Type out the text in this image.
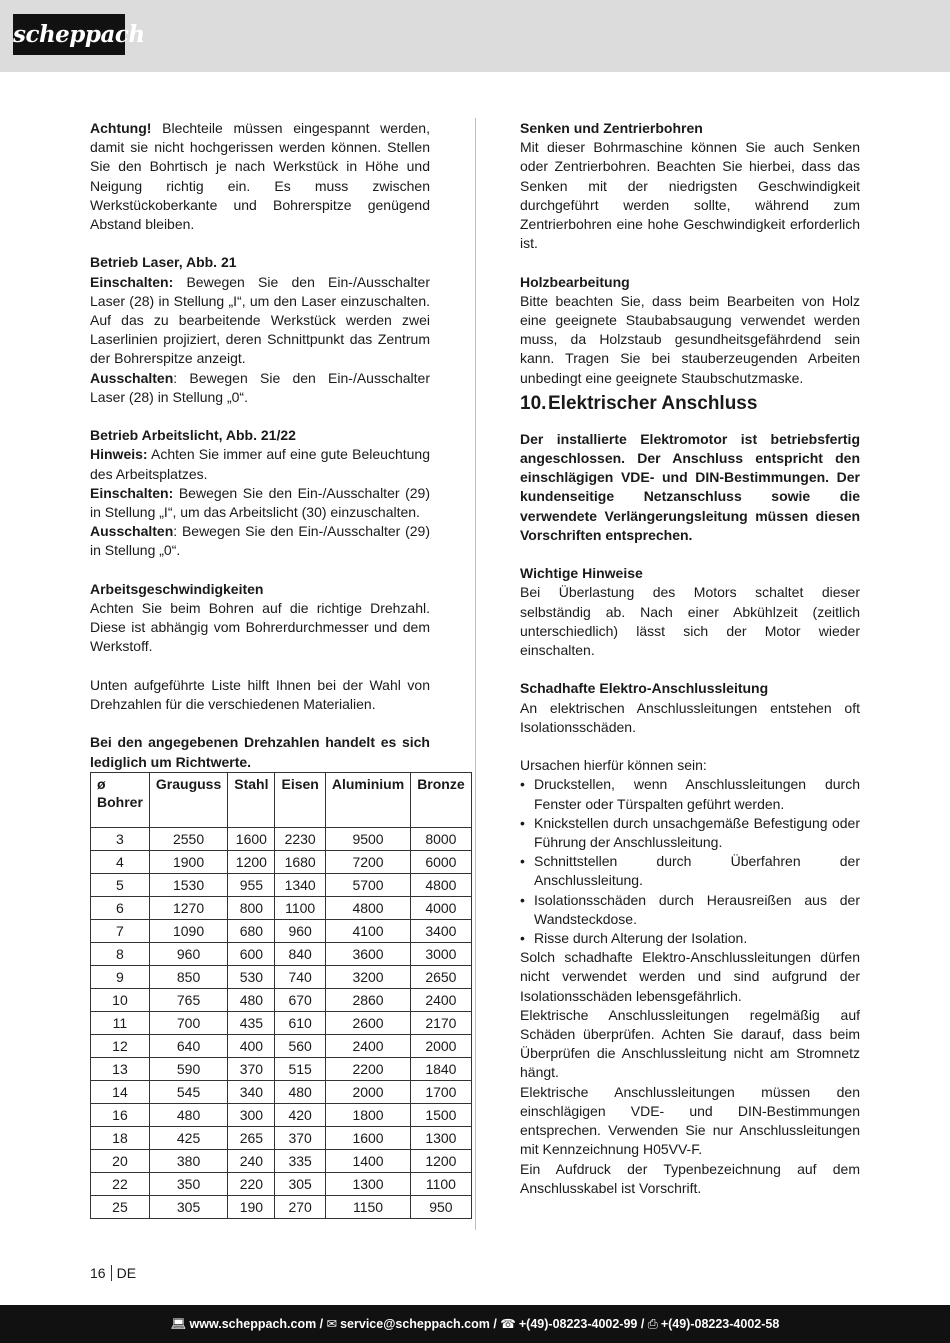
scheppach

Achtung! Blechteile müssen eingespannt werden, damit sie nicht hochgerissen werden können. Stellen Sie den Bohrtisch je nach Werkstück in Höhe und Neigung richtig ein. Es muss zwischen Werkstückoberkante und Bohrerspitze genügend Abstand bleiben.

Betrieb Laser, Abb. 21

Einschalten: Bewegen Sie den Ein-/Ausschalter Laser (28) in Stellung „I“, um den Laser einzuschalten. Auf das zu bearbeitende Werkstück werden zwei Laserlinien projiziert, deren Schnittpunkt das Zentrum der Bohrerspitze anzeigt.

Ausschalten: Bewegen Sie den Ein-/Ausschalter Laser (28) in Stellung „0“.

Betrieb Arbeitslicht, Abb. 21/22

Hinweis: Achten Sie immer auf eine gute Beleuchtung des Arbeitsplatzes.

Einschalten: Bewegen Sie den Ein-/Ausschalter (29) in Stellung „I“, um das Arbeitslicht (30) einzuschalten.

Ausschalten: Bewegen Sie den Ein-/Ausschalter (29) in Stellung „0“.

Arbeitsgeschwindigkeiten

Achten Sie beim Bohren auf die richtige Drehzahl. Diese ist abhängig vom Bohrerdurchmesser und dem Werkstoff.

Unten aufgeführte Liste hilft Ihnen bei der Wahl von Drehzahlen für die verschiedenen Materialien.

Bei den angegebenen Drehzahlen handelt es sich lediglich um Richtwerte.

ø Bohrer	Grauguss	Stahl	Eisen	Aluminium	Bronze
3	2550	1600	2230	9500	8000
4	1900	1200	1680	7200	6000
5	1530	955	1340	5700	4800
6	1270	800	1100	4800	4000
7	1090	680	960	4100	3400
8	960	600	840	3600	3000
9	850	530	740	3200	2650
10	765	480	670	2860	2400
11	700	435	610	2600	2170
12	640	400	560	2400	2000
13	590	370	515	2200	1840
14	545	340	480	2000	1700
16	480	300	420	1800	1500
18	425	265	370	1600	1300
20	380	240	335	1400	1200
22	350	220	305	1300	1100
25	305	190	270	1150	950

Senken und Zentrierbohren

Mit dieser Bohrmaschine können Sie auch Senken oder Zentrierbohren. Beachten Sie hierbei, dass das Senken mit der niedrigsten Geschwindigkeit durchgeführt werden sollte, während zum Zentrierbohren eine hohe Geschwindigkeit erforderlich ist.

Holzbearbeitung

Bitte beachten Sie, dass beim Bearbeiten von Holz eine geeignete Staubabsaugung verwendet werden muss, da Holzstaub gesundheitsgefährdend sein kann. Tragen Sie bei stauberzeugenden Arbeiten unbedingt eine geeignete Staubschutzmaske.

10.Elektrischer Anschluss

Der installierte Elektromotor ist betriebsfertig angeschlossen. Der Anschluss entspricht den einschlägigen VDE- und DIN-Bestimmungen. Der kundenseitige Netzanschluss sowie die verwendete Verlängerungsleitung müssen diesen Vorschriften entsprechen.

Wichtige Hinweise

Bei Überlastung des Motors schaltet dieser selbständig ab. Nach einer Abkühlzeit (zeitlich unterschiedlich) lässt sich der Motor wieder einschalten.

Schadhafte Elektro-Anschlussleitung

An elektrischen Anschlussleitungen entstehen oft Isolationsschäden.

Ursachen hierfür können sein:

• Druckstellen, wenn Anschlussleitungen durch Fenster oder Türspalten geführt werden.
• Knickstellen durch unsachgemäße Befestigung oder Führung der Anschlussleitung.
• Schnittstellen durch Überfahren der Anschlussleitung.
• Isolationsschäden durch Herausreißen aus der Wandsteckdose.
• Risse durch Alterung der Isolation.

Solch schadhafte Elektro-Anschlussleitungen dürfen nicht verwendet werden und sind aufgrund der Isolationsschäden lebensgefährlich.

Elektrische Anschlussleitungen regelmäßig auf Schäden überprüfen. Achten Sie darauf, dass beim Überprüfen die Anschlussleitung nicht am Stromnetz hängt.

Elektrische Anschlussleitungen müssen den einschlägigen VDE- und DIN-Bestimmungen entsprechen. Verwenden Sie nur Anschlussleitungen mit Kennzeichnung H05VV-F.

Ein Aufdruck der Typenbezeichnung auf dem Anschlusskabel ist Vorschrift.

16 DE
💻︎ www.scheppach.com / ✉︎ service@scheppach.com / ☎︎ +(49)-08223-4002-99 / ⎙ +(49)-08223-4002-58
